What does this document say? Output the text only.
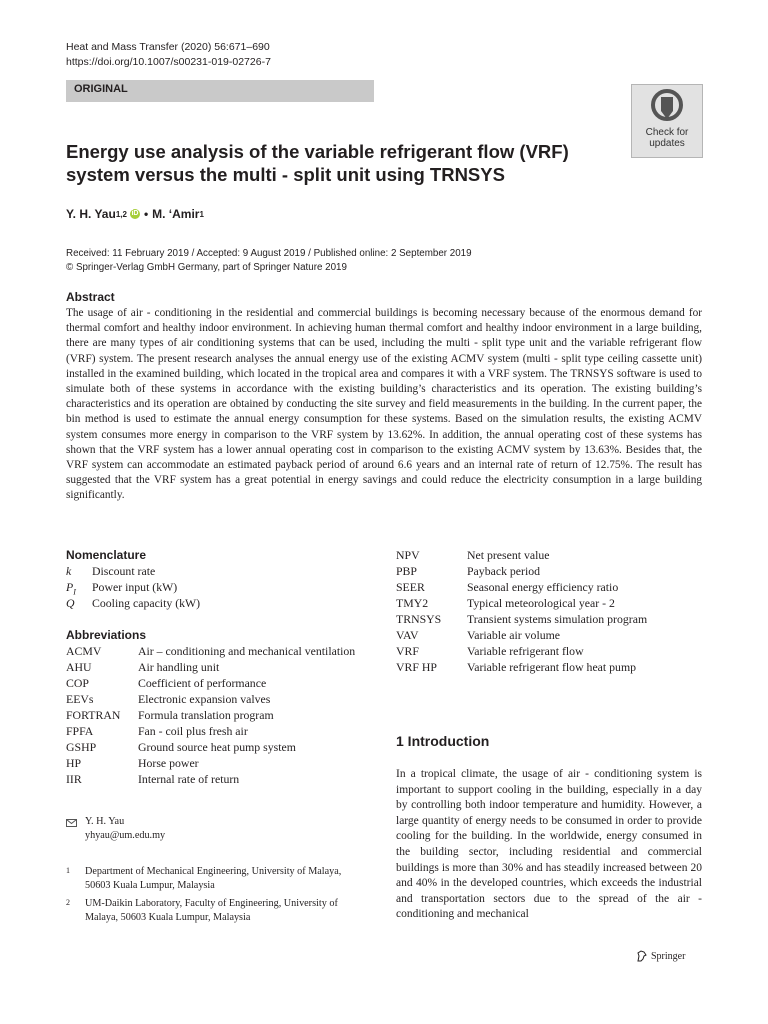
Heat and Mass Transfer (2020) 56:671–690
https://doi.org/10.1007/s00231-019-02726-7
ORIGINAL
Check for
updates
Energy use analysis of the variable refrigerant flow (VRF) system versus the multi - split unit using TRNSYS
Y. H. Yau 1,2 iD • M. ‘Amir 1
Received: 11 February 2019 / Accepted: 9 August 2019 / Published online: 2 September 2019
© Springer-Verlag GmbH Germany, part of Springer Nature 2019
Abstract
The usage of air - conditioning in the residential and commercial buildings is becoming necessary because of the enormous demand for thermal comfort and healthy indoor environment. In achieving human thermal comfort and healthy indoor environment in a large building, there are many types of air conditioning systems that can be used, including the multi - split type unit and the variable refrigerant flow (VRF) system. The present research analyses the annual energy use of the existing ACMV system (multi - split type ceiling cassette unit) installed in the examined building, which located in the tropical area and compares it with a VRF system. The TRNSYS software is used to simulate both of these systems in accordance with the existing building’s characteristics and its operation. The existing building’s characteristics and its operation are obtained by conducting the site survey and field measurements in the building. In the current paper, the bin method is used to estimate the annual energy consumption for these systems. Based on the simulation results, the existing ACMV system consumes more energy in comparison to the VRF system by 13.62%. In addition, the annual operating cost of these systems has shown that the VRF system has a lower annual operating cost in comparison to the existing ACMV system by 13.63%. Besides that, the VRF system can accommodate an estimated payback period of around 6.6 years and an internal rate of return of 12.75%. The result has suggested that the VRF system has a great potential in energy savings and could reduce the electricity consumption in a large building significantly.
Nomenclature
k Discount rate
$P_I$ Power input (kW)
Q Cooling capacity (kW)
Abbreviations
ACMV	Air – conditioning and mechanical ventilation
AHU	Air handling unit
COP	Coefficient of performance
EEVs	Electronic expansion valves
FORTRAN Formula translation program
FPFA	Fan - coil plus fresh air
GSHP	Ground source heat pump system
HP	Horse power
IIR	Internal rate of return
NPV	Net present value
PBP	Payback period
SEER	Seasonal energy efficiency ratio
TMY2	Typical meteorological year - 2
TRNSYS Transient systems simulation program
VAV	Variable air volume
VRF	Variable refrigerant flow
VRF HP	Variable refrigerant flow heat pump
1 Introduction
In a tropical climate, the usage of air - conditioning system is important to support cooling in the building, especially in a day by controlling both indoor temperature and humidity. However, a large quantity of energy needs to be consumed in order to provide cooling for the building. In the worldwide, energy consumed in the building sector, including residential and commercial buildings is more than 30% and has steadily increased between 20 and 40% in the developed countries, which exceeds the industrial and transportation sectors due to the spread of the air - conditioning and mechanical
Y. H. Yau
yhyau@um.edu.my
1 Department of Mechanical Engineering, University of Malaya, 50603 Kuala Lumpur, Malaysia
2 UM-Daikin Laboratory, Faculty of Engineering, University of Malaya, 50603 Kuala Lumpur, Malaysia
Springer
